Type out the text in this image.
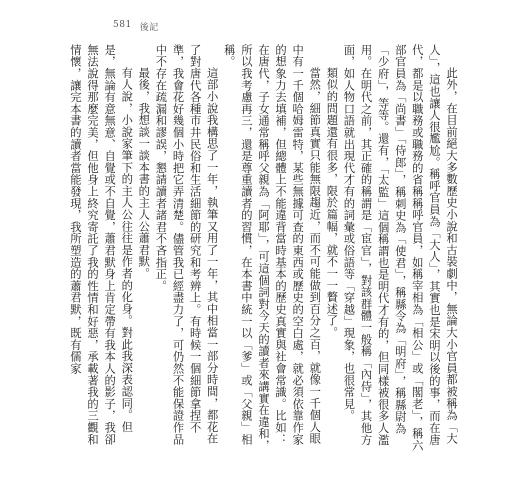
581 後記

此外，在目前絕大多數歷史小說和古裝劇中，無論大小官員都被稱為「大人」，這也讓人很尷尬。稱呼官員為「大人」，其實也是宋明以後的事，而在唐代，都是以職務或職務的省稱稱呼官員，如稱宰相為「相公」或「閣老」，稱六部官員為「尚書」「侍郎」，稱刺史為「使君」，稱縣令為「明府」，稱縣尉為「少府」，等等。還有，「太監」這個稱謂也是明代才有的，但同樣被很多人濫用。在明代之前，其正確的稱謂是「宦官」，對該群體一般稱「內侍」，其他方面，如人物口語就出現代才有的詞彙或俗語等「穿越」現象，也很常見。

類似的問題還有很多，限於篇幅，就不一一贅述了。

當然，細節真實只能無限趨近，而不可能做到百分之百，就像一千個人眼中有一千個哈姆雷特，某些無據可查的東西或歷史的空白處，就必須依靠作家的想象力去填補，但總體上不能違背當時基本的歷史真實與社會常識。比如：在唐代，子女通常稱呼父親為「阿耶」，可這個詞對今天的讀者來講實在違和，所以我考慮再三，還是尊重讀者的習慣，在本書中統一以「爹」或「父親」相稱。

這部小說我構思了一年，執筆又用了一年，其中相當一部分時間，都花在了對唐代各種市井民俗和生活細節的研究和考辨上。有時候一個細節拿捏不準，我會花好幾個小時把它弄清楚。儘管我已經盡力了，可仍然不能保證作品中不存在疏漏和謬誤，懇請讀者諸君不吝指正。

最後，我想談一談本書的主人公蕭君默。

有人說，小說家筆下的主人公往往是作者的化身。對此我深表認同。但是，無論有意無意、自覺或不自覺，蕭君默身上肯定帶有我本人的影子，我卻無法說得那麼完美，但他身上終究寄託了我的性情和好惡，承載著我的三觀和情懷，讓完本書的讀者當能發現，我所塑造的蕭君默，既有儒家
